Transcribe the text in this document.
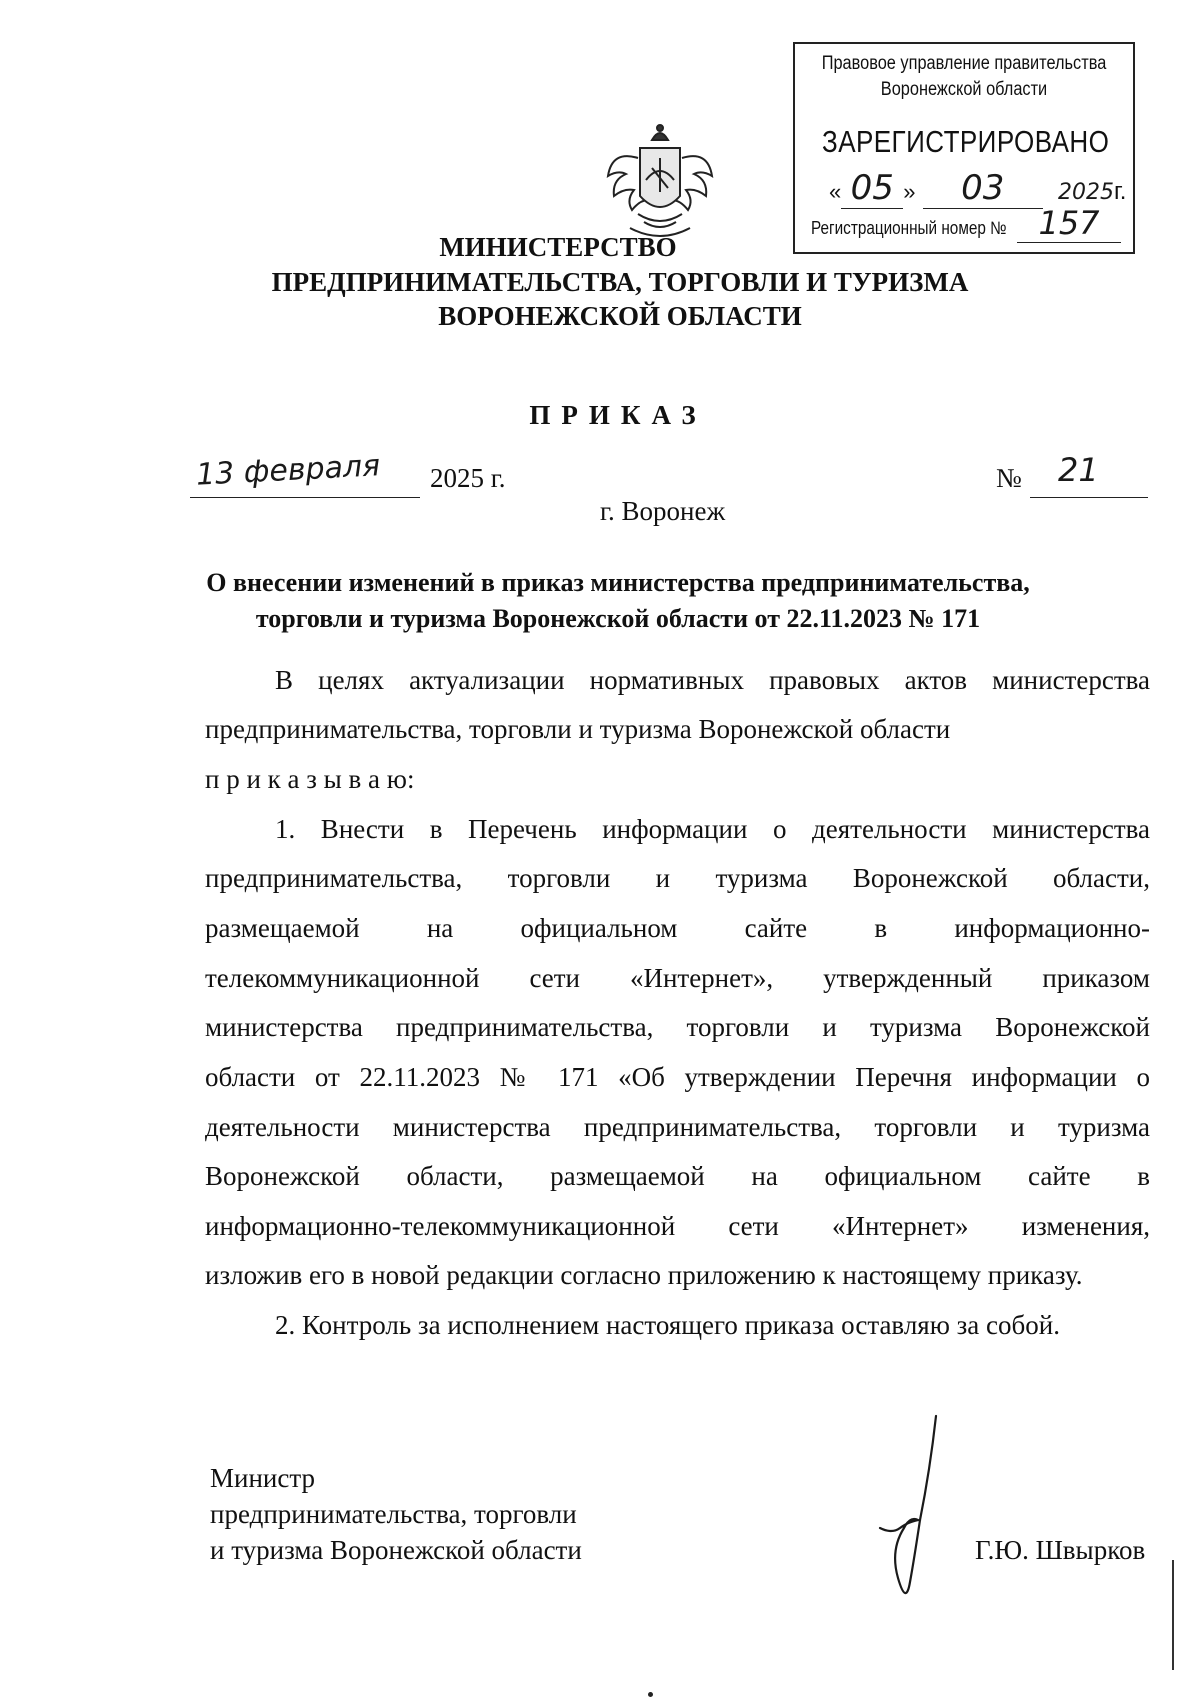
Правовое управление правительства
Воронежской области
ЗАРЕГИСТРИРОВАНО
« 05 » 03 2025г.
Регистрационный номер № 157
МИНИСТЕРСТВО
ПРЕДПРИНИМАТЕЛЬСТВА, ТОРГОВЛИ И ТУРИЗМА
ВОРОНЕЖСКОЙ ОБЛАСТИ
ПРИКАЗ
13 февраля 2025 г.	№ 21
г. Воронеж
О внесении изменений в приказ министерства предпринимательства,
торговли и туризма Воронежской области от 22.11.2023 № 171
В целях актуализации нормативных правовых актов министерства
предпринимательства, торговли и туризма Воронежской области
п р и к а з ы в а ю:
1. Внести в Перечень информации о деятельности министерства
предпринимательства, торговли и туризма Воронежской области,
размещаемой на официальном сайте в информационно-
телекоммуникационной сети «Интернет», утвержденный приказом
министерства предпринимательства, торговли и туризма Воронежской
области от 22.11.2023 № 171 «Об утверждении Перечня информации о
деятельности министерства предпринимательства, торговли и туризма
Воронежской области, размещаемой на официальном сайте в
информационно-телекоммуникационной сети «Интернет» изменения,
изложив его в новой редакции согласно приложению к настоящему приказу.
2. Контроль за исполнением настоящего приказа оставляю за собой.
Министр
предпринимательства, торговли
и туризма Воронежской области	Г.Ю. Швырков
